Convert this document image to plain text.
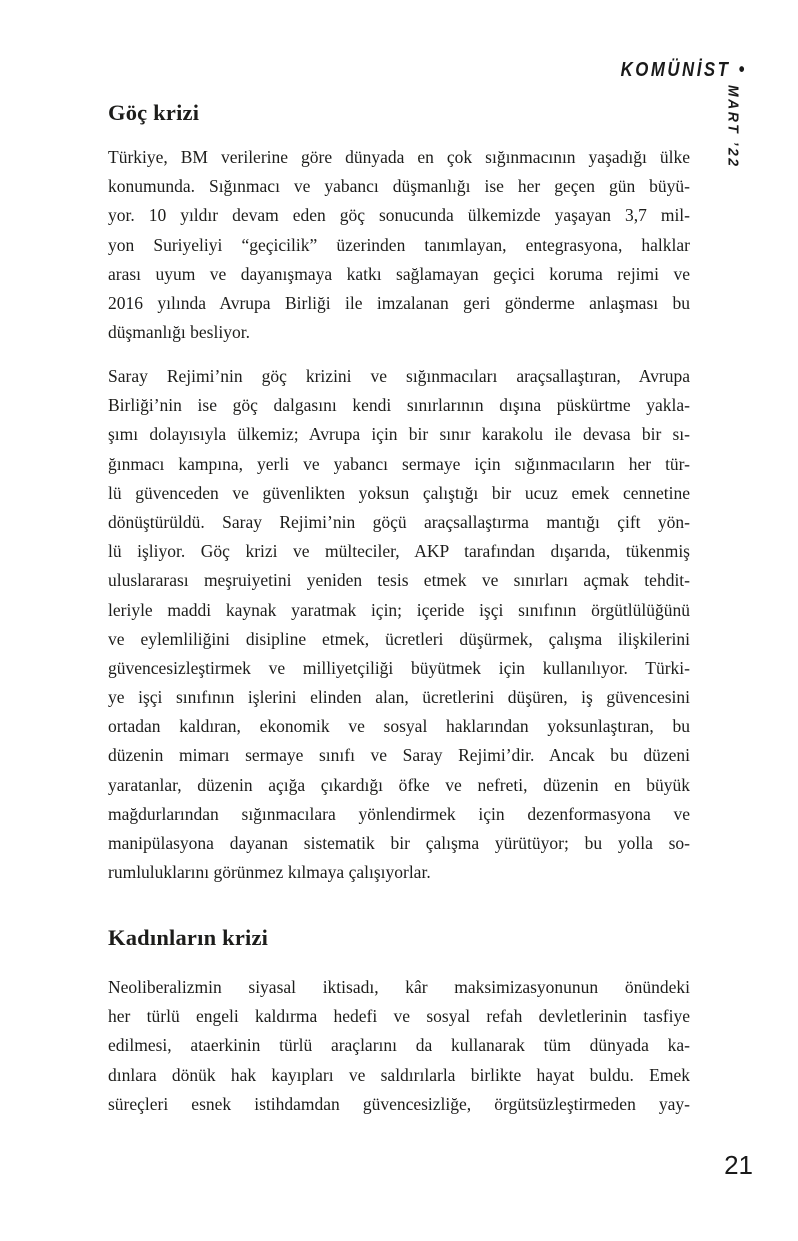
KOMÜNİST •
MART ’22
Göç krizi
Türkiye, BM verilerine göre dünyada en çok sığınmacının yaşadığı ülke
konumunda. Sığınmacı ve yabancı düşmanlığı ise her geçen gün büyü-
yor. 10 yıldır devam eden göç sonucunda ülkemizde yaşayan 3,7 mil-
yon Suriyeliyi “geçicilik” üzerinden tanımlayan, entegrasyona, halklar
arası uyum ve dayanışmaya katkı sağlamayan geçici koruma rejimi ve
2016 yılında Avrupa Birliği ile imzalanan geri gönderme anlaşması bu
düşmanlığı besliyor.
Saray Rejimi’nin göç krizini ve sığınmacıları araçsallaştıran, Avrupa
Birliği’nin ise göç dalgasını kendi sınırlarının dışına püskürtme yakla-
şımı dolayısıyla ülkemiz; Avrupa için bir sınır karakolu ile devasa bir sı-
ğınmacı kampına, yerli ve yabancı sermaye için sığınmacıların her tür-
lü güvenceden ve güvenlikten yoksun çalıştığı bir ucuz emek cennetine
dönüştürüldü. Saray Rejimi’nin göçü araçsallaştırma mantığı çift yön-
lü işliyor. Göç krizi ve mülteciler, AKP tarafından dışarıda, tükenmiş
uluslararası meşruiyetini yeniden tesis etmek ve sınırları açmak tehdit-
leriyle maddi kaynak yaratmak için; içeride işçi sınıfının örgütlülüğünü
ve eylemliliğini disipline etmek, ücretleri düşürmek, çalışma ilişkilerini
güvencesizleştirmek ve milliyetçiliği büyütmek için kullanılıyor. Türki-
ye işçi sınıfının işlerini elinden alan, ücretlerini düşüren, iş güvencesini
ortadan kaldıran, ekonomik ve sosyal haklarından yoksunlaştıran, bu
düzenin mimarı sermaye sınıfı ve Saray Rejimi’dir. Ancak bu düzeni
yaratanlar, düzenin açığa çıkardığı öfke ve nefreti, düzenin en büyük
mağdurlarından sığınmacılara yönlendirmek için dezenformasyona ve
manipülasyona dayanan sistematik bir çalışma yürütüyor; bu yolla so-
rumluluklarını görünmez kılmaya çalışıyorlar.
Kadınların krizi
Neoliberalizmin siyasal iktisadı, kâr maksimizasyonunun önündeki
her türlü engeli kaldırma hedefi ve sosyal refah devletlerinin tasfiye
edilmesi, ataerkinin türlü araçlarını da kullanarak tüm dünyada ka-
dınlara dönük hak kayıpları ve saldırılarla birlikte hayat buldu. Emek
süreçleri esnek istihdamdan güvencesizliğe, örgütsüzleştirmeden yay-
21
